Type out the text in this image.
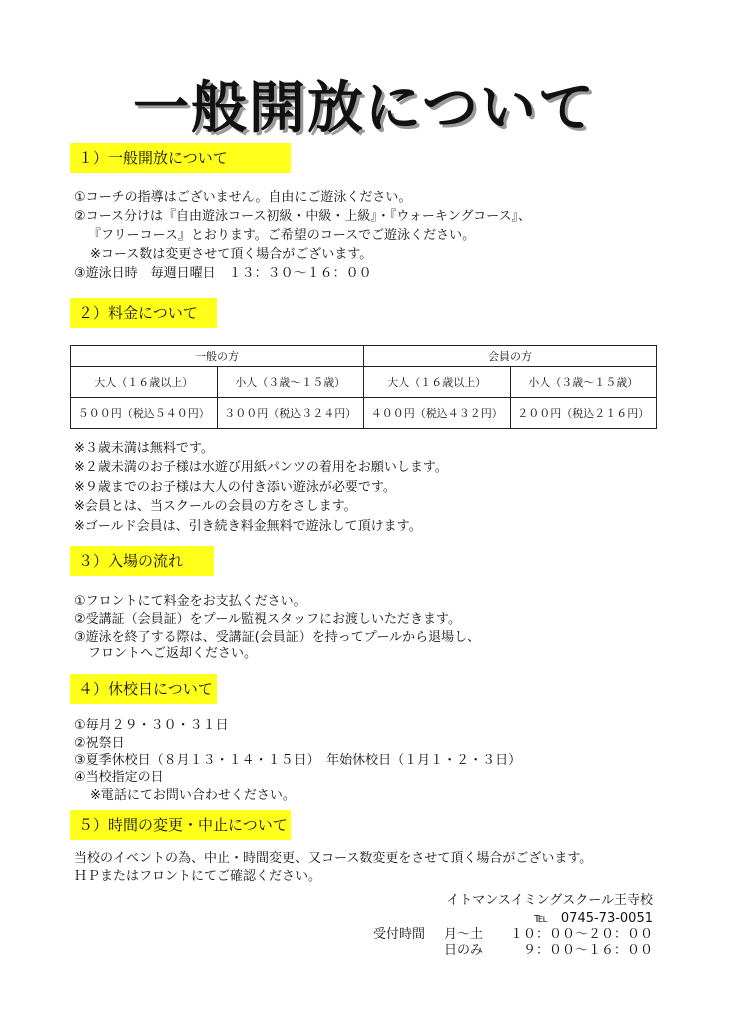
一般開放について
１）一般開放について
①コーチの指導はございません。自由にご遊泳ください。
②コース分けは『自由遊泳コース初級・中級・上級』・『ウォーキングコース』、
『フリーコース』とおります。ご希望のコースでご遊泳ください。
※コース数は変更させて頂く場合がございます。
③遊泳日時　毎週日曜日　１３：３０～１６：００
２）料金について
一般の方		会員の方	
大人（１６歳以上）	小人（３歳～１５歳）	大人（１６歳以上）	小人（３歳～１５歳）
５００円（税込５４０円）	３００円（税込３２４円）	４００円（税込４３２円）	２００円（税込２１６円）
※３歳未満は無料です。
※２歳未満のお子様は水遊び用紙パンツの着用をお願いします。
※９歳までのお子様は大人の付き添い遊泳が必要です。
※会員とは、当スクールの会員の方をさします。
※ゴールド会員は、引き続き料金無料で遊泳して頂けます。
３）入場の流れ
①フロントにて料金をお支払ください。
②受講証（会員証）をプール監視スタッフにお渡しいただきます。
③遊泳を終了する際は、受講証(会員証）を持ってプールから退場し、
フロントへご返却ください。
４）休校日について
①毎月２９・３０・３１日
②祝祭日
③夏季休校日（８月１３・１４・１５日）　年始休校日（１月１・２・３日）
④当校指定の日
※電話にてお問い合わせください。
５）時間の変更・中止について
当校のイベントの為、中止・時間変更、又コース数変更をさせて頂く場合がございます。
ＨＰまたはフロントにてご確認ください。
イトマンスイミングスクール王寺校
℡　0745-73-0051
受付時間 月～土 １０：００～２０：００
日のみ	９：００～１６：００
